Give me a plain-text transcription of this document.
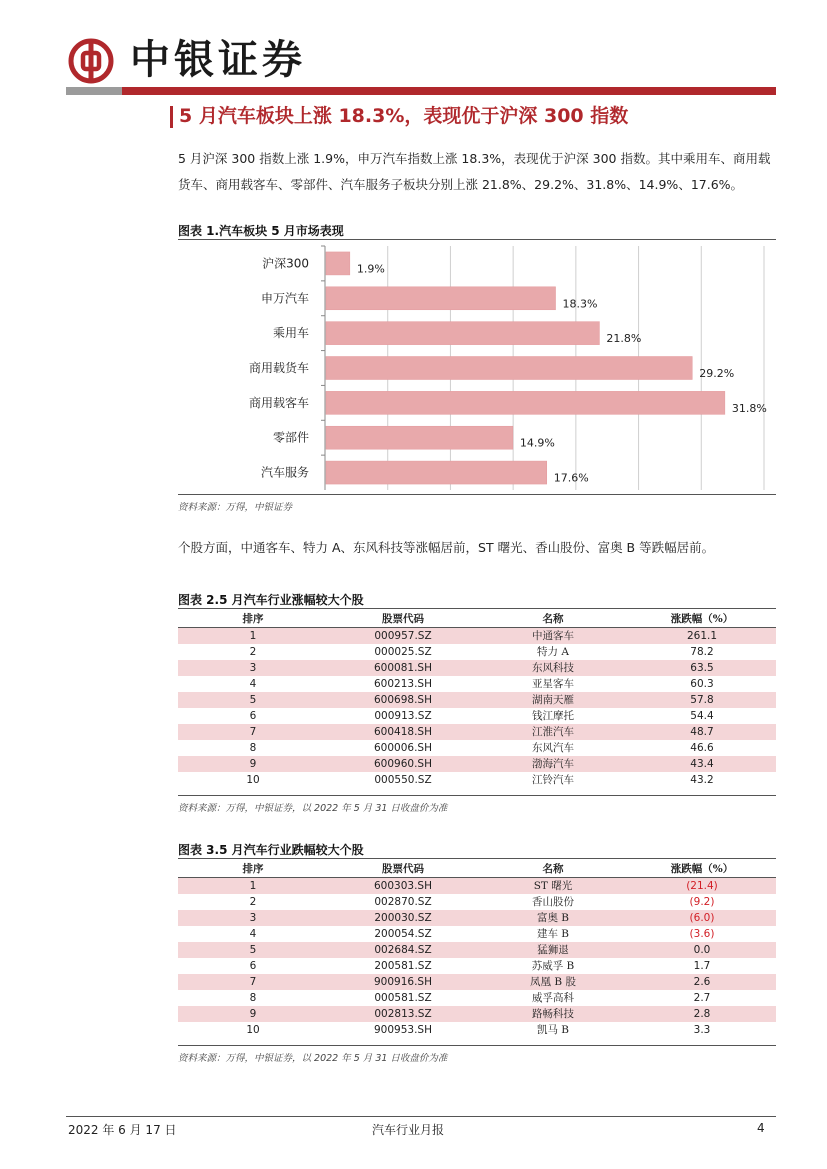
中银证券
5 月汽车板块上涨 18.3%，表现优于沪深 300 指数
5 月沪深 300 指数上涨 1.9%，申万汽车指数上涨 18.3%，表现优于沪深 300 指数。其中乘用车、商用载货车、商用载客车、零部件、汽车服务子板块分别上涨 21.8%、29.2%、31.8%、14.9%、17.6%。
图表 1.汽车板块 5 月市场表现
沪深300	1.9%
申万汽车	18.3%
乘用车	21.8%
商用载货车	29.2%
商用载客车	31.8%
零部件	14.9%
汽车服务	17.6%
资料来源：万得，中银证券
个股方面，中通客车、特力 A、东风科技等涨幅居前，ST 曙光、香山股份、富奥 B 等跌幅居前。
图表 2.5 月汽车行业涨幅较大个股
排序	股票代码	名称	涨跌幅（%）
1	000957.SZ	中通客车	261.1
2	000025.SZ	特力 A	78.2
3	600081.SH	东风科技	63.5
4	600213.SH	亚星客车	60.3
5	600698.SH	湖南天雁	57.8
6	000913.SZ	钱江摩托	54.4
7	600418.SH	江淮汽车	48.7
8	600006.SH	东风汽车	46.6
9	600960.SH	渤海汽车	43.4
10	000550.SZ	江铃汽车	43.2
资料来源：万得，中银证券，以 2022 年 5 月 31 日收盘价为准
图表 3.5 月汽车行业跌幅较大个股
排序	股票代码	名称	涨跌幅（%）
1	600303.SH	ST 曙光	(21.4)
2	002870.SZ	香山股份	(9.2)
3	200030.SZ	富奥 B	(6.0)
4	200054.SZ	建车 B	(3.6)
5	002684.SZ	猛狮退	0.0
6	200581.SZ	苏威孚 B	1.7
7	900916.SH	凤凰 B 股	2.6
8	000581.SZ	威孚高科	2.7
9	002813.SZ	路畅科技	2.8
10	900953.SH	凯马 B	3.3
资料来源：万得，中银证券，以 2022 年 5 月 31 日收盘价为准
2022 年 6 月 17 日	汽车行业月报	4
